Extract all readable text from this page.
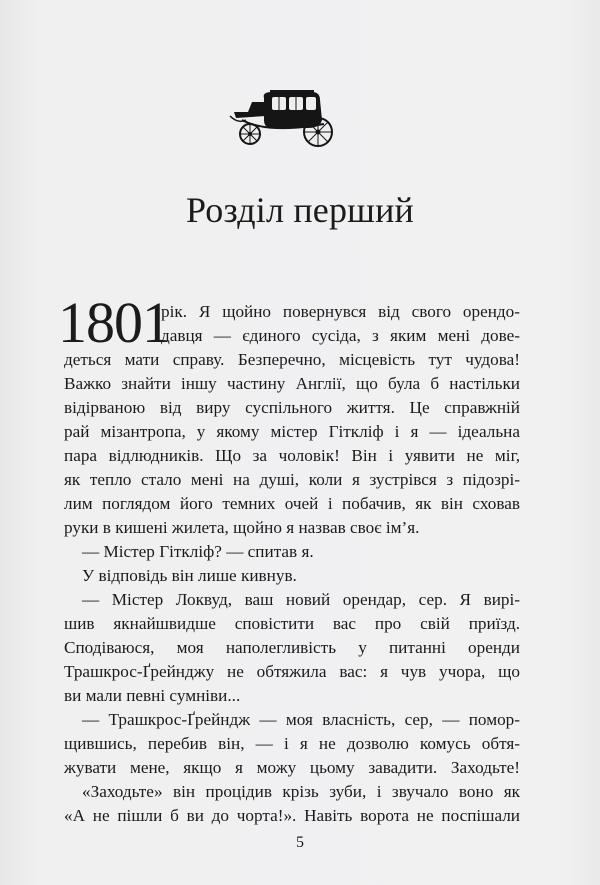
Розділ перший
1801
рік. Я щойно повернувся від свого орендо-
давця — єдиного сусіда, з яким мені дове-
деться мати справу. Безперечно, місцевість тут чудова!
Важко знайти іншу частину Англії, що була б настільки
відірваною від виру суспільного життя. Це справжній
рай мізантропа, у якому містер Гіткліф і я — ідеальна
пара відлюдників. Що за чоловік! Він і уявити не міг,
як тепло стало мені на душі, коли я зустрівся з підозрі-
лим поглядом його темних очей і побачив, як він сховав
руки в кишені жилета, щойно я назвав своє ім’я.
— Містер Гіткліф? — спитав я.
У відповідь він лише кивнув.
— Містер Локвуд, ваш новий орендар, сер. Я вирі-
шив якнайшвидше сповістити вас про свій приїзд.
Сподіваюся, моя наполегливість у питанні оренди
Трашкрос-Ґрейнджу не обтяжила вас: я чув учора, що
ви мали певні сумніви...
— Трашкрос-Ґрейндж — моя власність, сер, — помор-
щившись, перебив він, — і я не дозволю комусь обтя-
жувати мене, якщо я можу цьому завадити. Заходьте!
«Заходьте» він процідив крізь зуби, і звучало воно як
«А не пішли б ви до чорта!». Навіть ворота не поспішали
5
